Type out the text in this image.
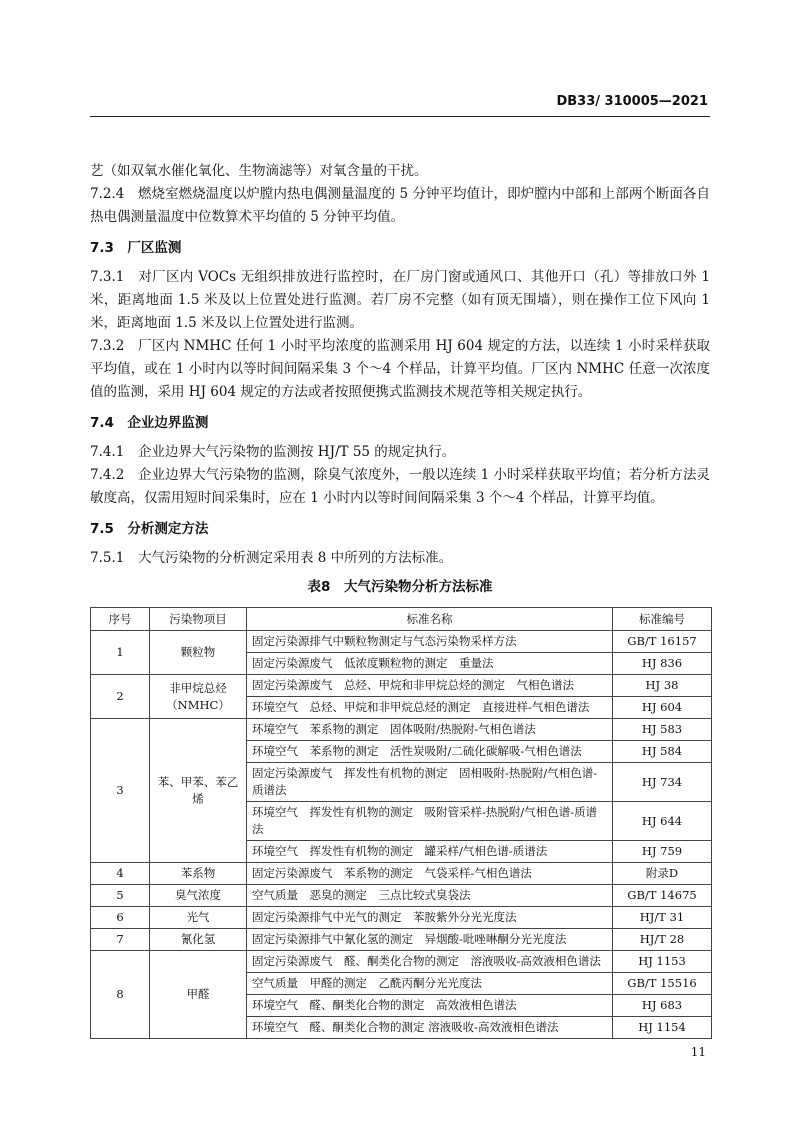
DB33/ 310005—2021

艺（如双氧水催化氧化、生物滴滤等）对氧含量的干扰。

7.2.4 燃烧室燃烧温度以炉膛内热电偶测量温度的 5 分钟平均值计，即炉膛内中部和上部两个断面各自热电偶测量温度中位数算术平均值的 5 分钟平均值。

7.3　厂区监测

7.3.1 对厂区内 VOCs 无组织排放进行监控时，在厂房门窗或通风口、其他开口（孔）等排放口外 1 米，距离地面 1.5 米及以上位置处进行监测。若厂房不完整（如有顶无围墙），则在操作工位下风向 1 米，距离地面 1.5 米及以上位置处进行监测。

7.3.2 厂区内 NMHC 任何 1 小时平均浓度的监测采用 HJ 604 规定的方法，以连续 1 小时采样获取平均值，或在 1 小时内以等时间间隔采集 3 个～4 个样品，计算平均值。厂区内 NMHC 任意一次浓度值的监测，采用 HJ 604 规定的方法或者按照便携式监测技术规范等相关规定执行。

7.4　企业边界监测

7.4.1 企业边界大气污染物的监测按 HJ/T 55 的规定执行。

7.4.2 企业边界大气污染物的监测，除臭气浓度外，一般以连续 1 小时采样获取平均值；若分析方法灵敏度高，仅需用短时间采集时，应在 1 小时内以等时间间隔采集 3 个～4 个样品，计算平均值。

7.5　分析测定方法

7.5.1 大气污染物的分析测定采用表 8 中所列的方法标准。

表8　大气污染物分析方法标准
序号	污染物项目	标准名称	标准编号
1	颗粒物	固定污染源排气中颗粒物测定与气态污染物采样方法	GB/T 16157
		固定污染源废气　低浓度颗粒物的测定　重量法	HJ 836
2	非甲烷总烃（NMHC）	固定污染源废气　总烃、甲烷和非甲烷总烃的测定　气相色谱法	HJ 38
		环境空气　总烃、甲烷和非甲烷总烃的测定　直接进样-气相色谱法	HJ 604
3	苯、甲苯、苯乙烯	环境空气　苯系物的测定　固体吸附/热脱附-气相色谱法	HJ 583
		环境空气　苯系物的测定　活性炭吸附/二硫化碳解吸-气相色谱法	HJ 584
		固定污染源废气　挥发性有机物的测定　固相吸附-热脱附/气相色谱-质谱法	HJ 734
		环境空气　挥发性有机物的测定　吸附管采样-热脱附/气相色谱-质谱法	HJ 644
		环境空气　挥发性有机物的测定　罐采样/气相色谱-质谱法	HJ 759
4	苯系物	固定污染源废气　苯系物的测定　气袋采样-气相色谱法	附录D
5	臭气浓度	空气质量　恶臭的测定　三点比较式臭袋法	GB/T 14675
6	光气	固定污染源排气中光气的测定　苯胺紫外分光光度法	HJ/T 31
7	氰化氢	固定污染源排气中氰化氢的测定　异烟酸-吡唑啉酮分光光度法	HJ/T 28
8	甲醛	固定污染源废气　醛、酮类化合物的测定　溶液吸收-高效液相色谱法	HJ 1153
		空气质量　甲醛的测定　乙酰丙酮分光光度法	GB/T 15516
		环境空气　醛、酮类化合物的测定　高效液相色谱法	HJ 683
		环境空气　醛、酮类化合物的测定 溶液吸收-高效液相色谱法	HJ 1154
11
